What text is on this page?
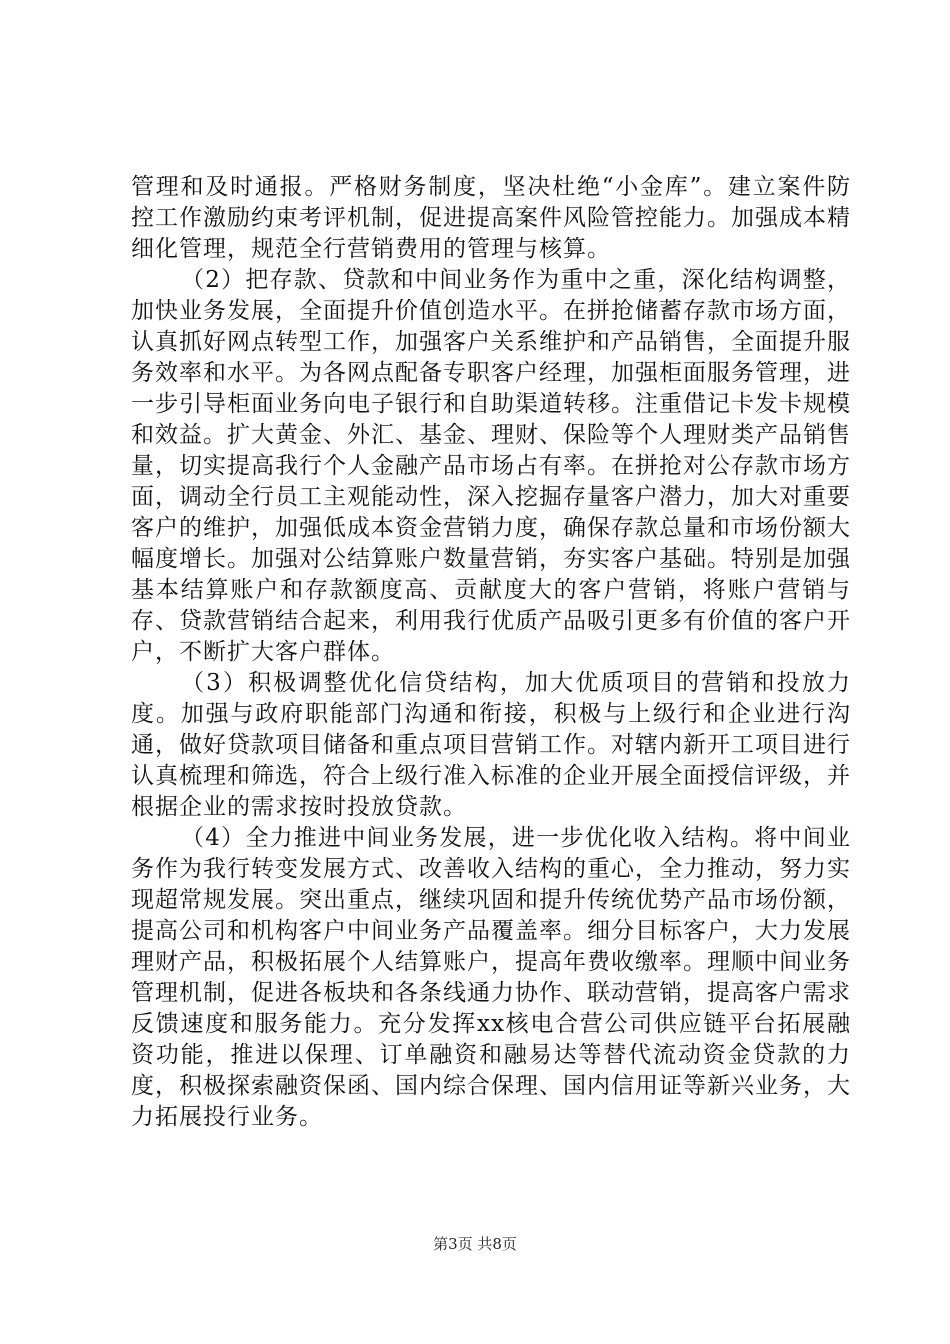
管理和及时通报。严格财务制度，坚决杜绝“小金库”。建立案件防控工作激励约束考评机制，促进提高案件风险管控能力。加强成本精细化管理，规范全行营销费用的管理与核算。

（2）把存款、贷款和中间业务作为重中之重，深化结构调整，加快业务发展，全面提升价值创造水平。在拼抢储蓄存款市场方面，认真抓好网点转型工作，加强客户关系维护和产品销售，全面提升服务效率和水平。为各网点配备专职客户经理，加强柜面服务管理，进一步引导柜面业务向电子银行和自助渠道转移。注重借记卡发卡规模和效益。扩大黄金、外汇、基金、理财、保险等个人理财类产品销售量，切实提高我行个人金融产品市场占有率。在拼抢对公存款市场方面，调动全行员工主观能动性，深入挖掘存量客户潜力，加大对重要客户的维护，加强低成本资金营销力度，确保存款总量和市场份额大幅度增长。加强对公结算账户数量营销，夯实客户基础。特别是加强基本结算账户和存款额度高、贡献度大的客户营销，将账户营销与存、贷款营销结合起来，利用我行优质产品吸引更多有价值的客户开户，不断扩大客户群体。

（3）积极调整优化信贷结构，加大优质项目的营销和投放力度。加强与政府职能部门沟通和衔接，积极与上级行和企业进行沟通，做好贷款项目储备和重点项目营销工作。对辖内新开工项目进行认真梳理和筛选，符合上级行准入标准的企业开展全面授信评级，并根据企业的需求按时投放贷款。

（4）全力推进中间业务发展，进一步优化收入结构。将中间业务作为我行转变发展方式、改善收入结构的重心，全力推动，努力实现超常规发展。突出重点，继续巩固和提升传统优势产品市场份额，提高公司和机构客户中间业务产品覆盖率。细分目标客户，大力发展理财产品，积极拓展个人结算账户，提高年费收缴率。理顺中间业务管理机制，促进各板块和各条线通力协作、联动营销，提高客户需求反馈速度和服务能力。充分发挥xx核电合营公司供应链平台拓展融资功能，推进以保理、订单融资和融易达等替代流动资金贷款的力度，积极探索融资保函、国内综合保理、国内信用证等新兴业务，大力拓展投行业务。

第3页 共8页
